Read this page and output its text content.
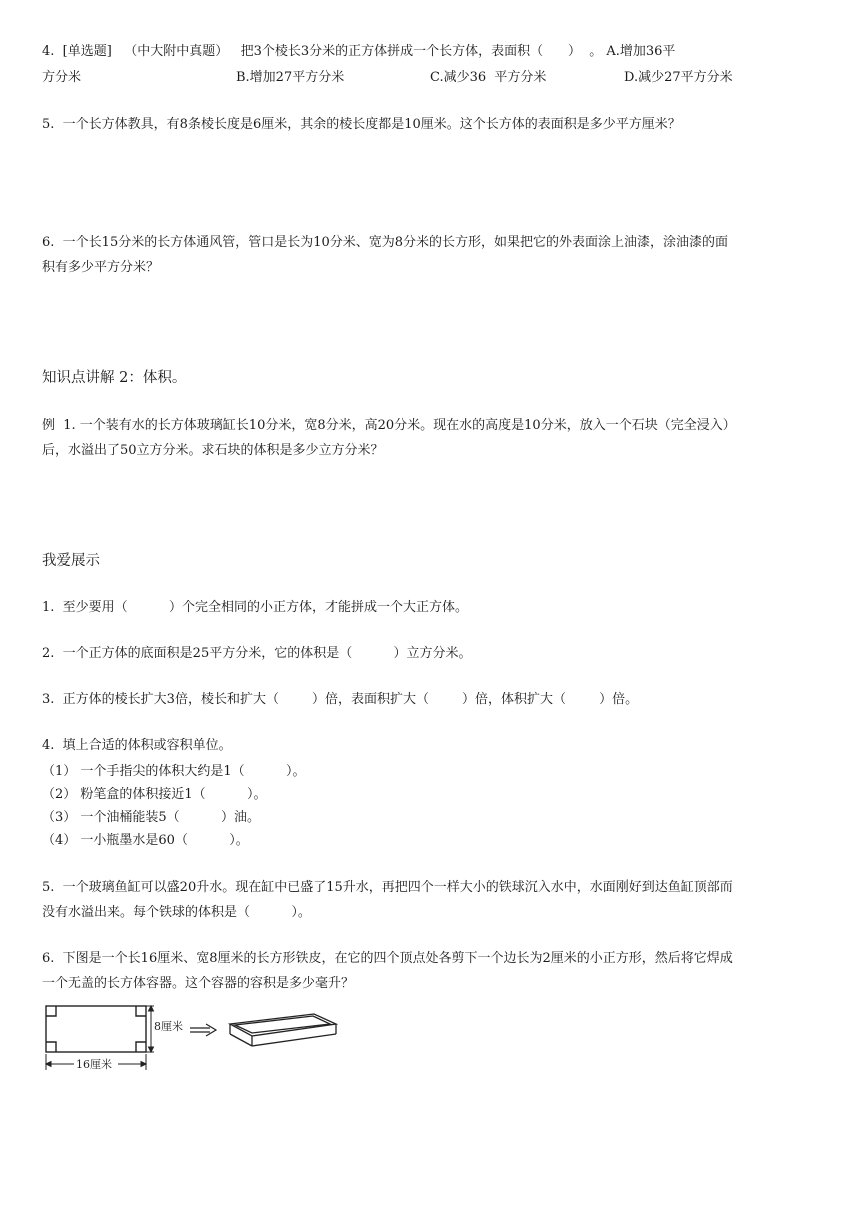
4.  [单选题]   （中大附中真题）   把3个棱长3分米的正方体拼成一个长方体，表面积（      ）  。 A.增加36平
方分米	B.增加27平方分米	C.减少36  平方分米	D.减少27平方分米
5.  一个长方体教具，有8条棱长度是6厘米，其余的棱长度都是10厘米。这个长方体的表面积是多少平方厘米？
6.  一个长15分米的长方体通风管，管口是长为10分米、宽为8分米的长方形，如果把它的外表面涂上油漆，涂油漆的面
积有多少平方分米？
知识点讲解 2：体积。
例  1. 一个装有水的长方体玻璃缸长10分米，宽8分米，高20分米。现在水的高度是10分米，放入一个石块（完全浸入）
后，水溢出了50立方分米。求石块的体积是多少立方分米？
我爱展示
1.  至少要用（          ）个完全相同的小正方体，才能拼成一个大正方体。
2.  一个正方体的底面积是25平方分米，它的体积是（          ）立方分米。
3.  正方体的棱长扩大3倍，棱长和扩大（        ）倍，表面积扩大（        ）倍，体积扩大（        ）倍。
4.  填上合适的体积或容积单位。
（1） 一个手指尖的体积大约是1（          ）。
（2） 粉笔盒的体积接近1（          ）。
（3） 一个油桶能装5（          ）油。
（4） 一小瓶墨水是60（          ）。
5.  一个玻璃鱼缸可以盛20升水。现在缸中已盛了15升水，再把四个一样大小的铁球沉入水中，水面刚好到达鱼缸顶部而
没有水溢出来。每个铁球的体积是（          ）。
6.  下图是一个长16厘米、宽8厘米的长方形铁皮，在它的四个顶点处各剪下一个边长为2厘米的小正方形，然后将它焊成
一个无盖的长方体容器。这个容器的容积是多少毫升？
8厘米
16厘米
